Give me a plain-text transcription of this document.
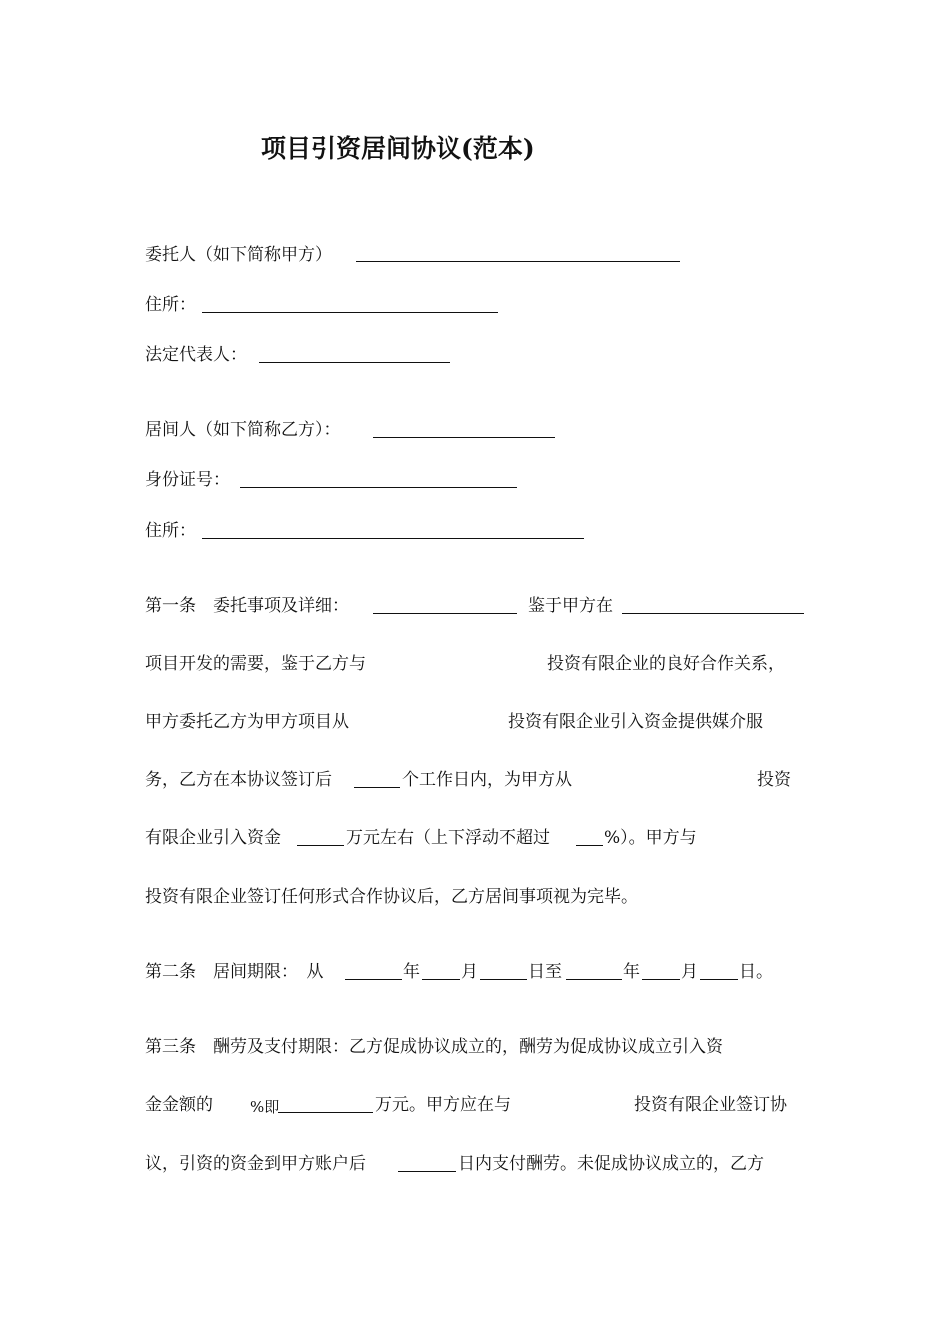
项目引资居间协议(范本)
委托人（如下简称甲方）
住所：
法定代表人：
居间人（如下简称乙方）：
身份证号：
住所：
第一条　委托事项及详细：	鉴于甲方在
项目开发的需要，鉴于乙方与	投资有限企业的良好合作关系，
甲方委托乙方为甲方项目从	投资有限企业引入资金提供媒介服
务，乙方在本协议签订后	个工作日内，为甲方从	投资
有限企业引入资金	万元左右（上下浮动不超过	%）。甲方与
投资有限企业签订任何形式合作协议后，乙方居间事项视为完毕。
第二条　居间期限：　从	年 月	日至	年 月 日。
第三条　酬劳及支付期限：乙方促成协议成立的，酬劳为促成协议成立引入资
金金额的 %即	万元。甲方应在与	投资有限企业签订协
议，引资的资金到甲方账户后	日内支付酬劳。未促成协议成立的，乙方
